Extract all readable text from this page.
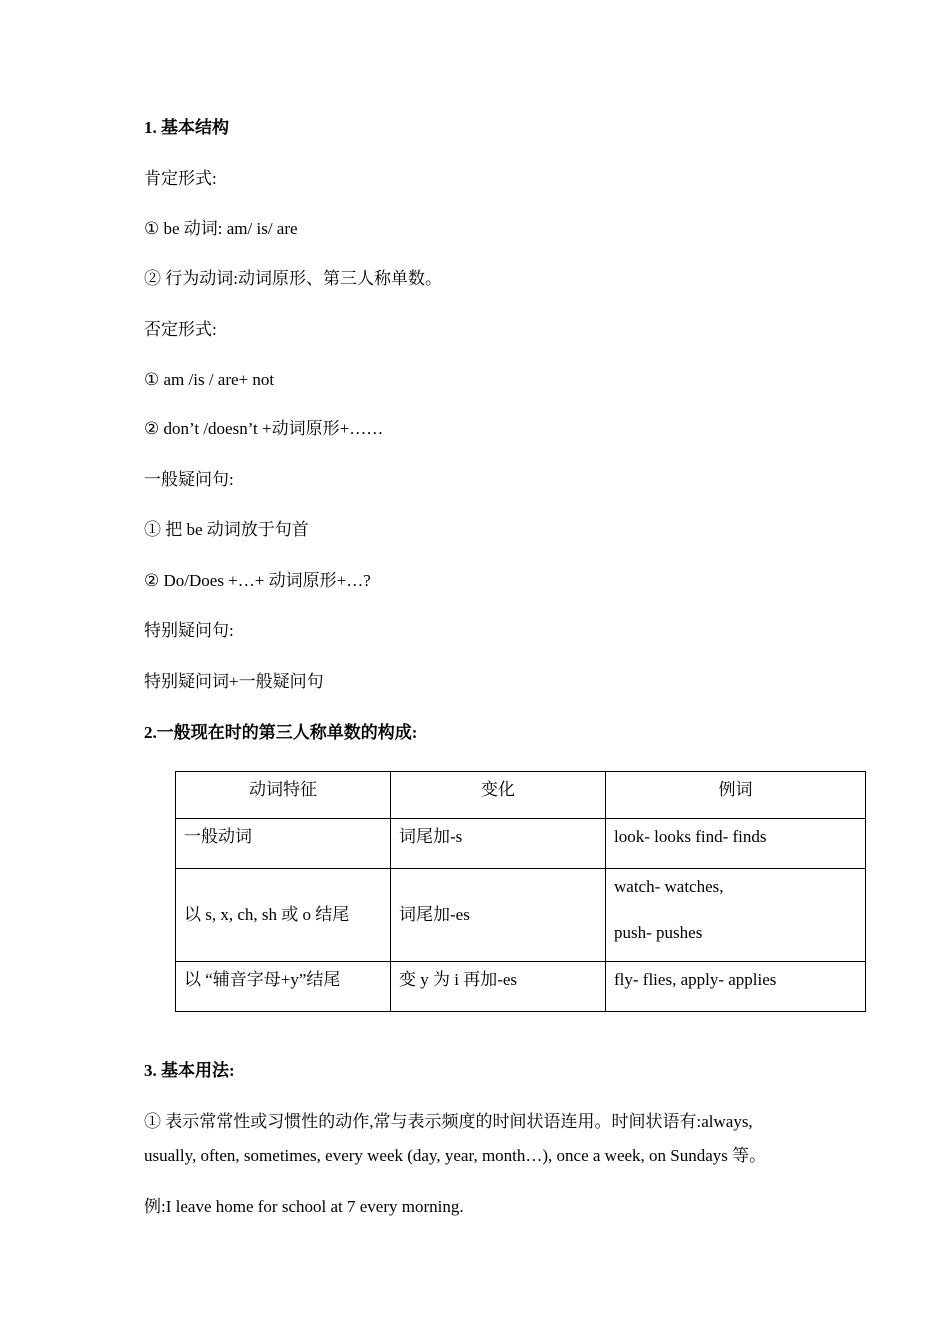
1. 基本结构
肯定形式:
① be 动词: am/ is/ are
② 行为动词:动词原形、第三人称单数。
否定形式:
① am /is / are+ not
② don’t /doesn’t +动词原形+……
一般疑问句:
① 把 be 动词放于句首
② Do/Does +…+ 动词原形+…?
特别疑问句:
特别疑问词+一般疑问句
2.一般现在时的第三人称单数的构成:
动词特征	变化	例词
一般动词	词尾加-s	look- looks find- finds

以 s, x, ch, sh 或 o 结尾	词尾加-es	watch- watches,
push- pushes

以 “辅音字母+y”结尾	变 y 为 i 再加-es	fly- flies, apply- applies
3. 基本用法:
① 表示常常性或习惯性的动作,常与表示频度的时间状语连用。时间状语有:always,
usually, often, sometimes, every week (day, year, month…), once a week, on Sundays 等。
例:I leave home for school at 7 every morning.
